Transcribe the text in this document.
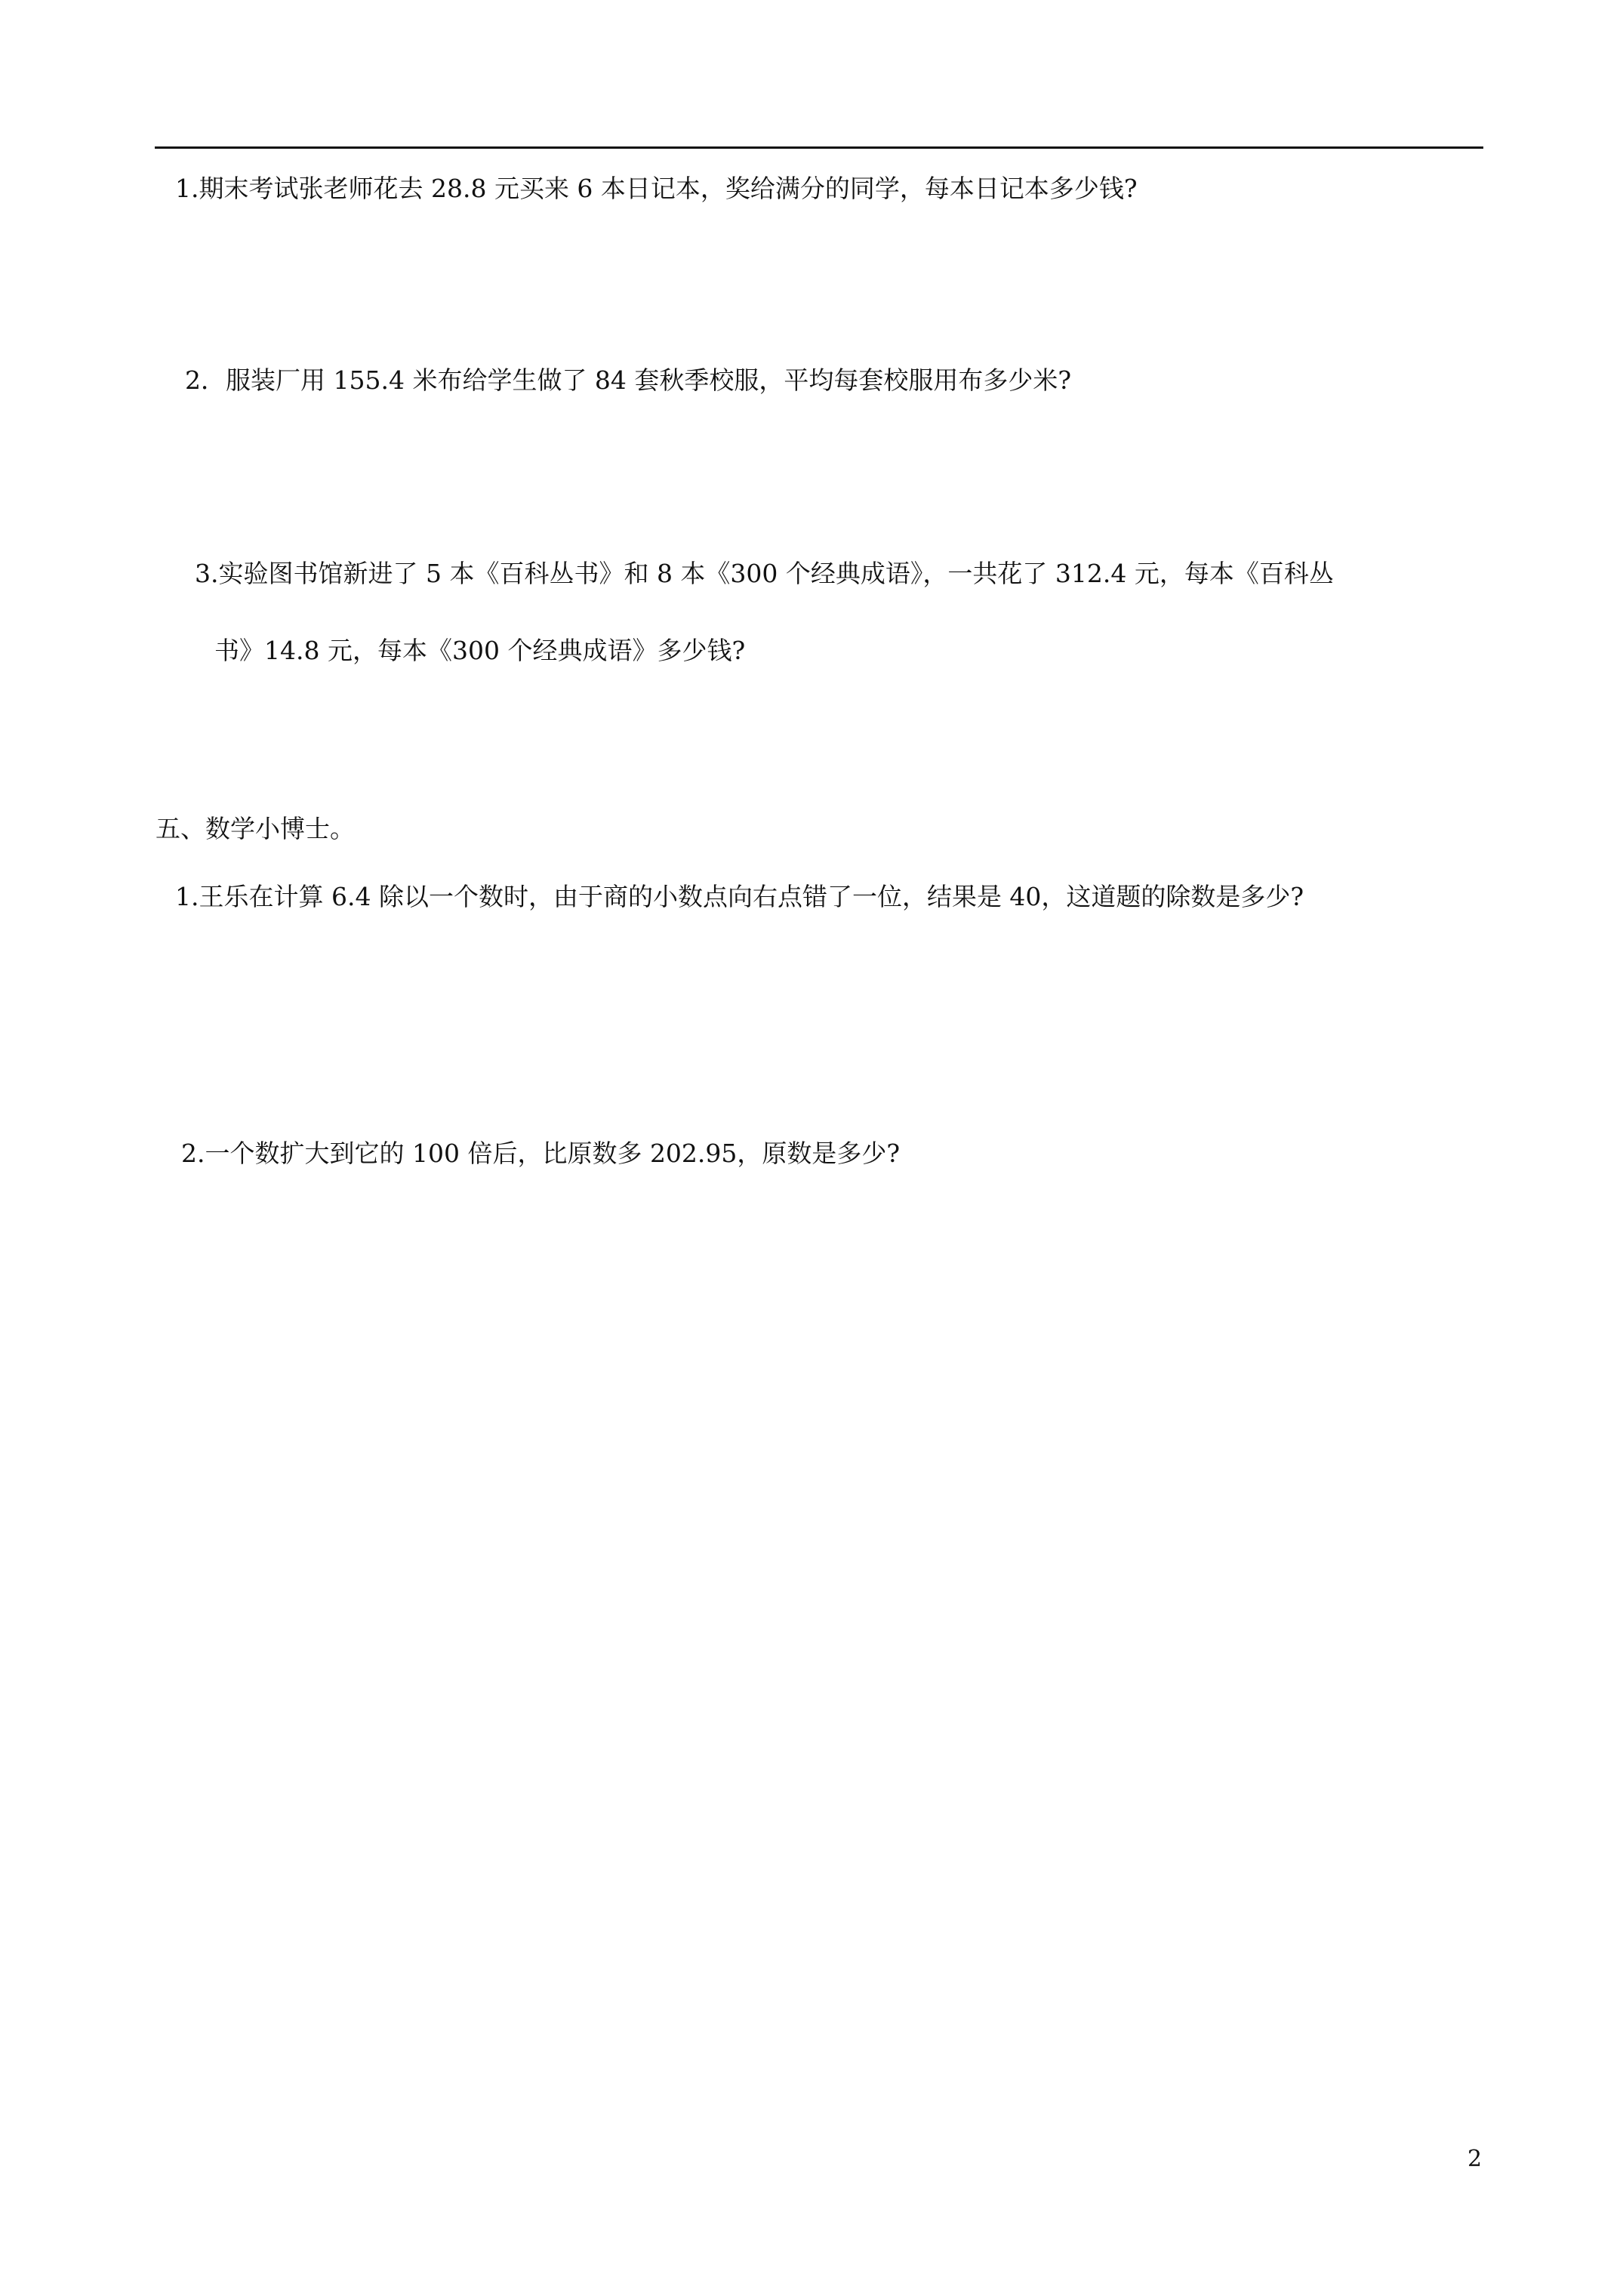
1.期末考试张老师花去 28.8 元买来 6 本日记本，奖给满分的同学，每本日记本多少钱?
2．服装厂用 155.4 米布给学生做了 84 套秋季校服，平均每套校服用布多少米?
3.实验图书馆新进了 5 本《百科丛书》和 8 本《300 个经典成语》，一共花了 312.4 元，每本《百科丛
书》14.8 元，每本《300 个经典成语》多少钱?
五、数学小博士。
1.王乐在计算 6.4 除以一个数时，由于商的小数点向右点错了一位，结果是 40，这道题的除数是多少?
2.一个数扩大到它的 100 倍后，比原数多 202.95，原数是多少?
2
